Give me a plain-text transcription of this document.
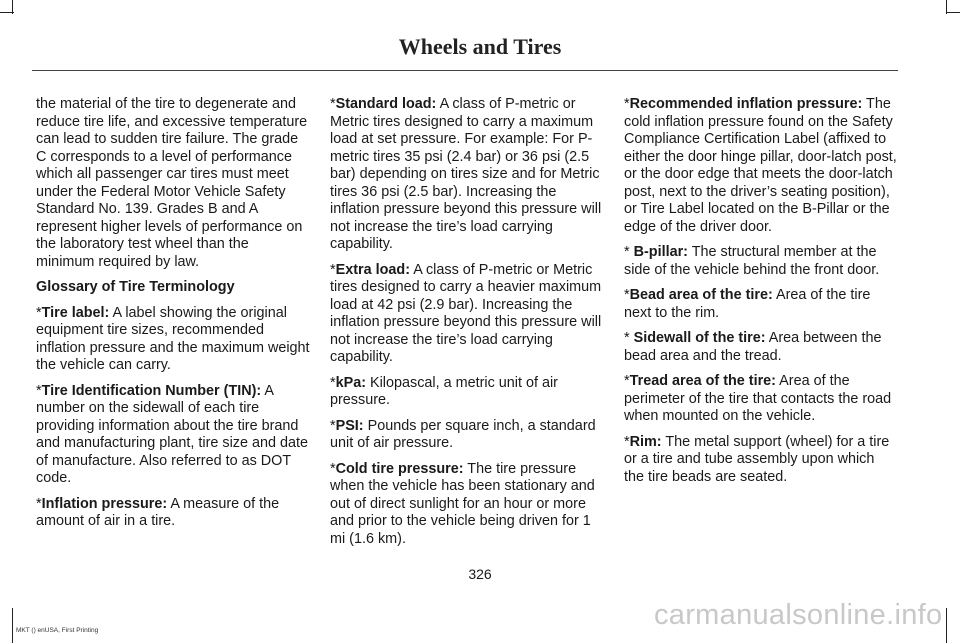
Wheels and Tires

the material of the tire to degenerate and reduce tire life, and excessive temperature can lead to sudden tire failure. The grade C corresponds to a level of performance which all passenger car tires must meet under the Federal Motor Vehicle Safety Standard No. 139. Grades B and A represent higher levels of performance on the laboratory test wheel than the minimum required by law.

Glossary of Tire Terminology

*Tire label: A label showing the original equipment tire sizes, recommended inflation pressure and the maximum weight the vehicle can carry.

*Tire Identification Number (TIN): A number on the sidewall of each tire providing information about the tire brand and manufacturing plant, tire size and date of manufacture. Also referred to as DOT code.

*Inflation pressure: A measure of the amount of air in a tire.

*Standard load: A class of P-metric or Metric tires designed to carry a maximum load at set pressure. For example: For P-metric tires 35 psi (2.4 bar) or 36 psi (2.5 bar) depending on tires size and for Metric tires 36 psi (2.5 bar). Increasing the inflation pressure beyond this pressure will not increase the tire’s load carrying capability.

*Extra load: A class of P-metric or Metric tires designed to carry a heavier maximum load at 42 psi (2.9 bar). Increasing the inflation pressure beyond this pressure will not increase the tire’s load carrying capability.

*kPa: Kilopascal, a metric unit of air pressure.

*PSI: Pounds per square inch, a standard unit of air pressure.

*Cold tire pressure: The tire pressure when the vehicle has been stationary and out of direct sunlight for an hour or more and prior to the vehicle being driven for 1 mi (1.6 km).

*Recommended inflation pressure: The cold inflation pressure found on the Safety Compliance Certification Label (affixed to either the door hinge pillar, door-latch post, or the door edge that meets the door-latch post, next to the driver’s seating position), or Tire Label located on the B-Pillar or the edge of the driver door.

* B-pillar: The structural member at the side of the vehicle behind the front door.

*Bead area of the tire: Area of the tire next to the rim.

* Sidewall of the tire: Area between the bead area and the tread.

*Tread area of the tire: Area of the perimeter of the tire that contacts the road when mounted on the vehicle.

*Rim: The metal support (wheel) for a tire or a tire and tube assembly upon which the tire beads are seated.

326
MKT () enUSA, First Printing	carmanualsonline.info
